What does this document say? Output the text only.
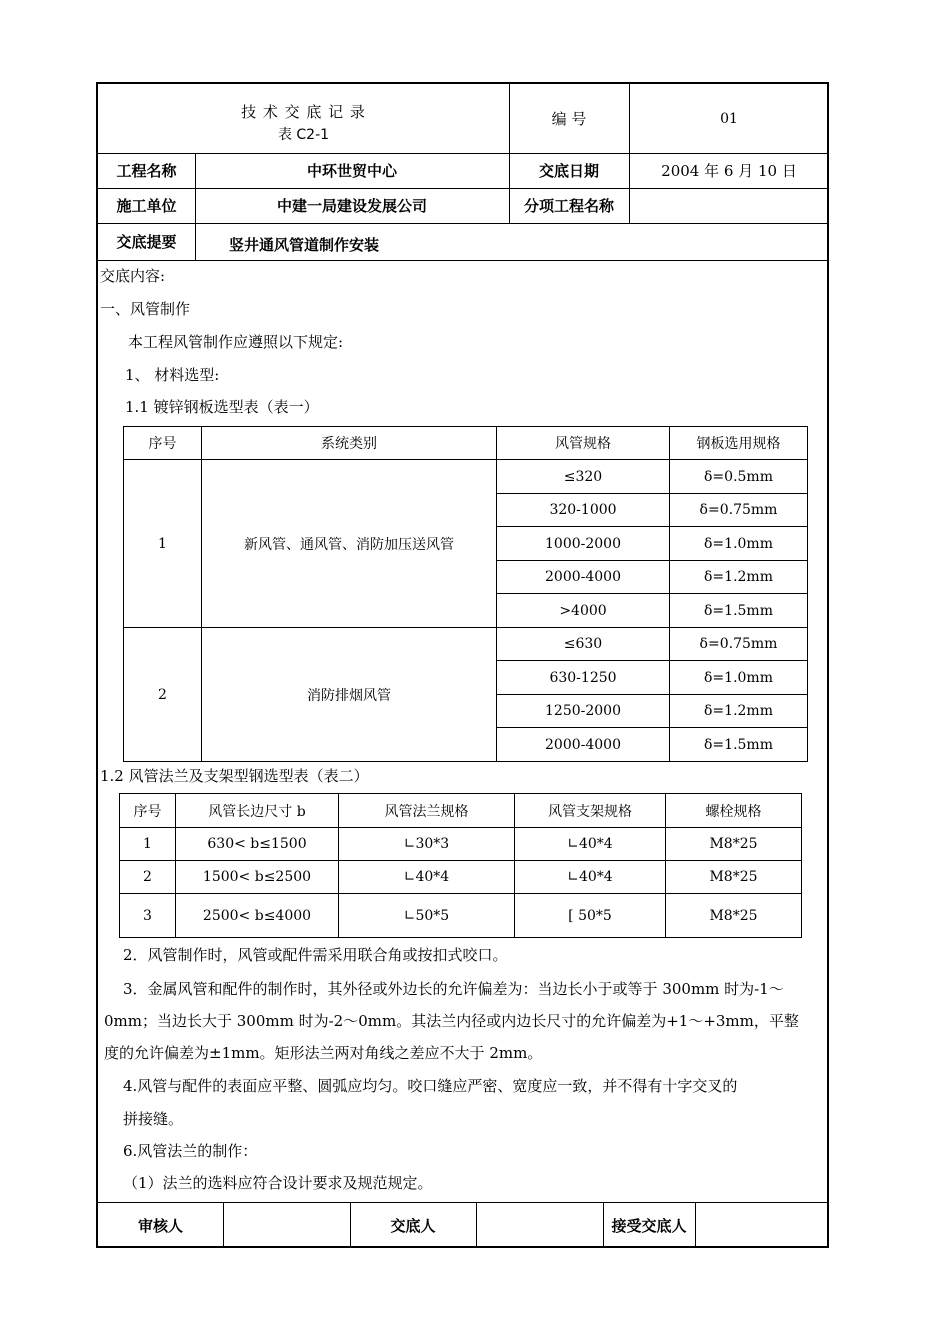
技 术 交 底 记 录
表 C2-1
编 号	01
工程名称	中环世贸中心	交底日期	2004 年 6 月 10 日
施工单位	中建一局建设发展公司	分项工程名称
交底提要	竖井通风管道制作安装
交底内容:
一、风管制作
本工程风管制作应遵照以下规定:
1、 材料选型:
1.1 镀锌钢板选型表（表一）
序号	系统类别	风管规格	钢板选用规格
1	新风管、通风管、消防加压送风管	≤320	δ=0.5mm
		320-1000	δ=0.75mm
		1000-2000	δ=1.0mm
		2000-4000	δ=1.2mm
		>4000	δ=1.5mm
2	消防排烟风管	≤630	δ=0.75mm
		630-1250	δ=1.0mm
		1250-2000	δ=1.2mm
		2000-4000	δ=1.5mm
1.2 风管法兰及支架型钢选型表（表二）
序号	风管长边尺寸 b	风管法兰规格	风管支架规格	螺栓规格
1	630< b≤1500	∟30*3	∟40*4	M8*25
2	1500< b≤2500	∟40*4	∟40*4	M8*25
3	2500< b≤4000	∟50*5	[ 50*5	M8*25
2．风管制作时，风管或配件需采用联合角或按扣式咬口。
3．金属风管和配件的制作时，其外径或外边长的允许偏差为：当边长小于或等于 300mm 时为-1～
0mm；当边长大于 300mm 时为-2～0mm。其法兰内径或内边长尺寸的允许偏差为+1～+3mm，平整
度的允许偏差为±1mm。矩形法兰两对角线之差应不大于 2mm。
4.风管与配件的表面应平整、圆弧应均匀。咬口缝应严密、宽度应一致，并不得有十字交叉的
拼接缝。
6.风管法兰的制作：
（1）法兰的选料应符合设计要求及规范规定。
审核人	交底人	接受交底人
